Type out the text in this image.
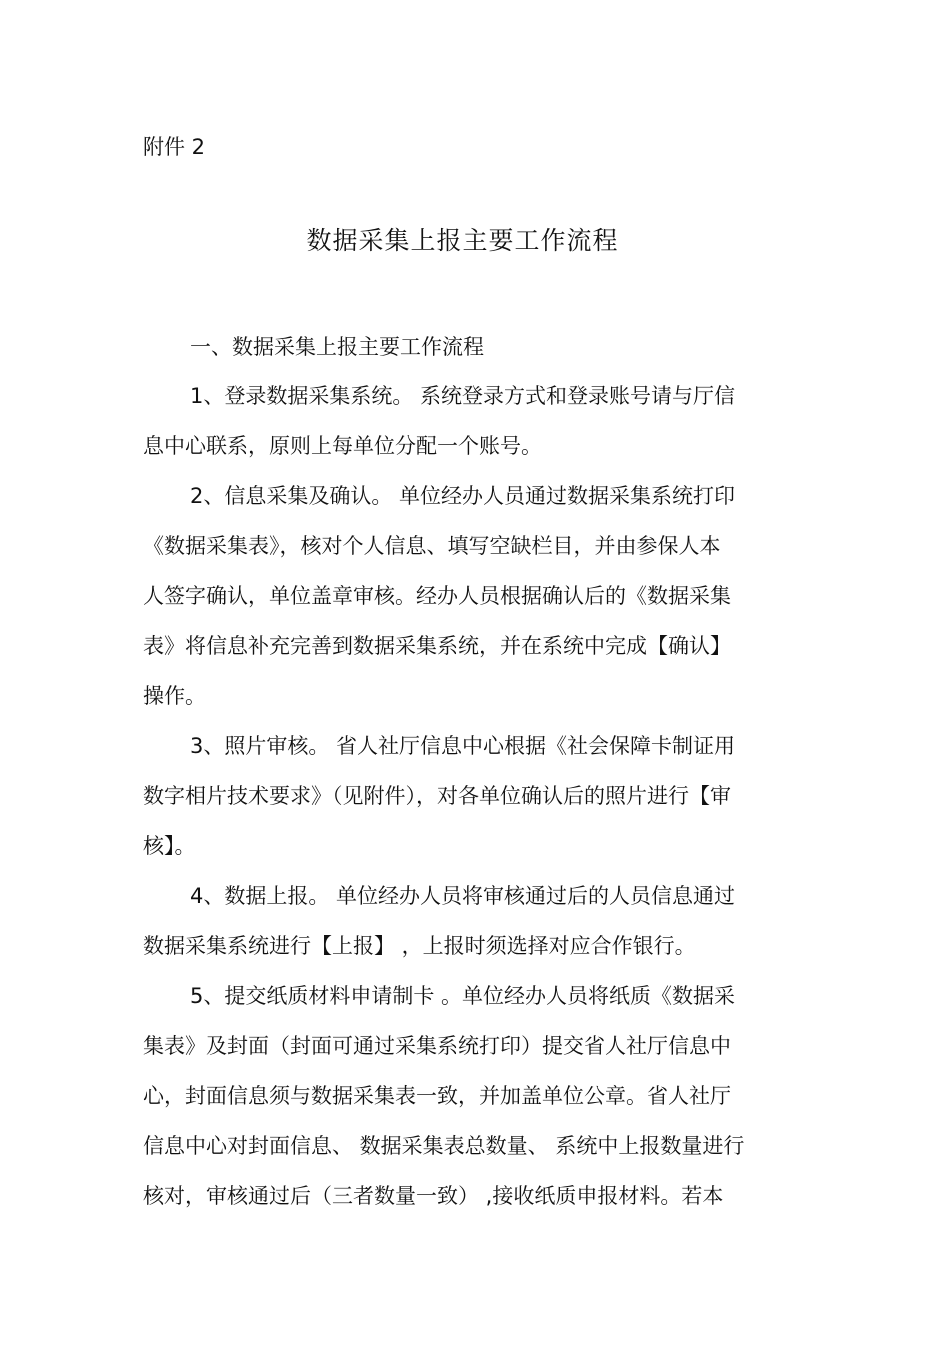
附件 2
数据采集上报主要工作流程
一、数据采集上报主要工作流程
1、登录数据采集系统。 系统登录方式和登录账号请与厅信
息中心联系，原则上每单位分配一个账号。
2、信息采集及确认。 单位经办人员通过数据采集系统打印
《数据采集表》，核对个人信息、填写空缺栏目，并由参保人本
人签字确认，单位盖章审核。经办人员根据确认后的《数据采集
表》将信息补充完善到数据采集系统，并在系统中完成【确认】
操作。
3、照片审核。 省人社厅信息中心根据《社会保障卡制证用
数字相片技术要求》（见附件），对各单位确认后的照片进行【审
核】。
4、数据上报。 单位经办人员将审核通过后的人员信息通过
数据采集系统进行【上报】 ，上报时须选择对应合作银行。
5、提交纸质材料申请制卡 。单位经办人员将纸质《数据采
集表》及封面（封面可通过采集系统打印）提交省人社厅信息中
心，封面信息须与数据采集表一致，并加盖单位公章。省人社厅
信息中心对封面信息、 数据采集表总数量、 系统中上报数量进行
核对，审核通过后（三者数量一致） ,接收纸质申报材料。若本
